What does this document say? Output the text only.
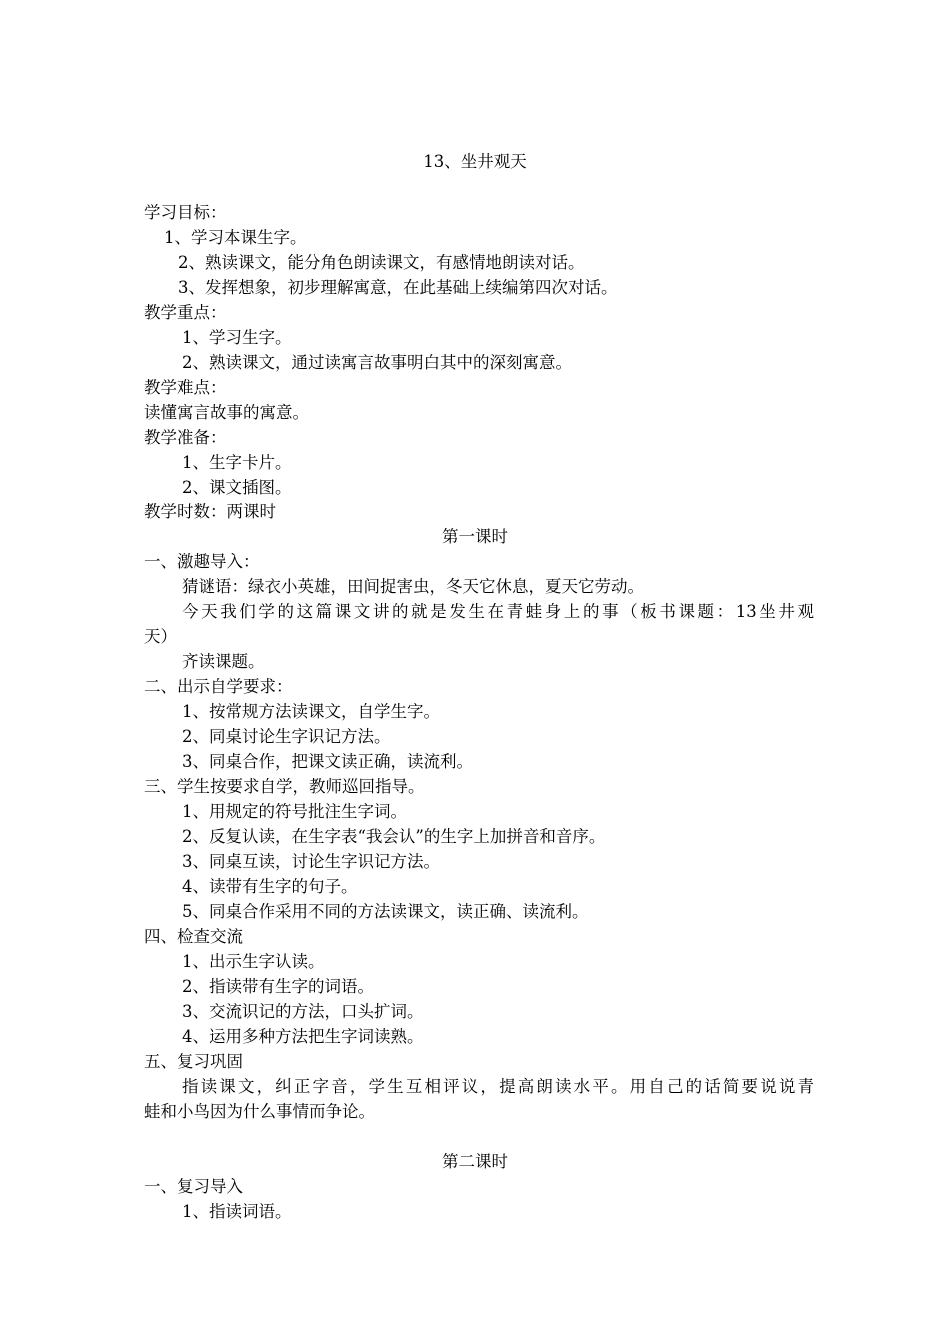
13、坐井观天
学习目标：
1、学习本课生字。
2、熟读课文，能分角色朗读课文，有感情地朗读对话。
3、发挥想象，初步理解寓意，在此基础上续编第四次对话。
教学重点：
1、学习生字。
2、熟读课文，通过读寓言故事明白其中的深刻寓意。
教学难点：
读懂寓言故事的寓意。
教学准备：
1、生字卡片。
2、课文插图。
教学时数：两课时
第一课时
一、激趣导入：
猜谜语：绿衣小英雄，田间捉害虫，冬天它休息，夏天它劳动。
今天我们学的这篇课文讲的就是发生在青蛙身上的事（板书课题：13坐井观
天）
齐读课题。
二、出示自学要求：
1、按常规方法读课文，自学生字。
2、同桌讨论生字识记方法。
3、同桌合作，把课文读正确，读流利。
三、学生按要求自学，教师巡回指导。
1、用规定的符号批注生字词。
2、反复认读，在生字表“我会认”的生字上加拼音和音序。
3、同桌互读，讨论生字识记方法。
4、读带有生字的句子。
5、同桌合作采用不同的方法读课文，读正确、读流利。
四、检查交流
1、出示生字认读。
2、指读带有生字的词语。
3、交流识记的方法，口头扩词。
4、运用多种方法把生字词读熟。
五、复习巩固
指读课文，纠正字音，学生互相评议，提高朗读水平。用自己的话简要说说青
蛙和小鸟因为什么事情而争论。
第二课时
一、复习导入
1、指读词语。
